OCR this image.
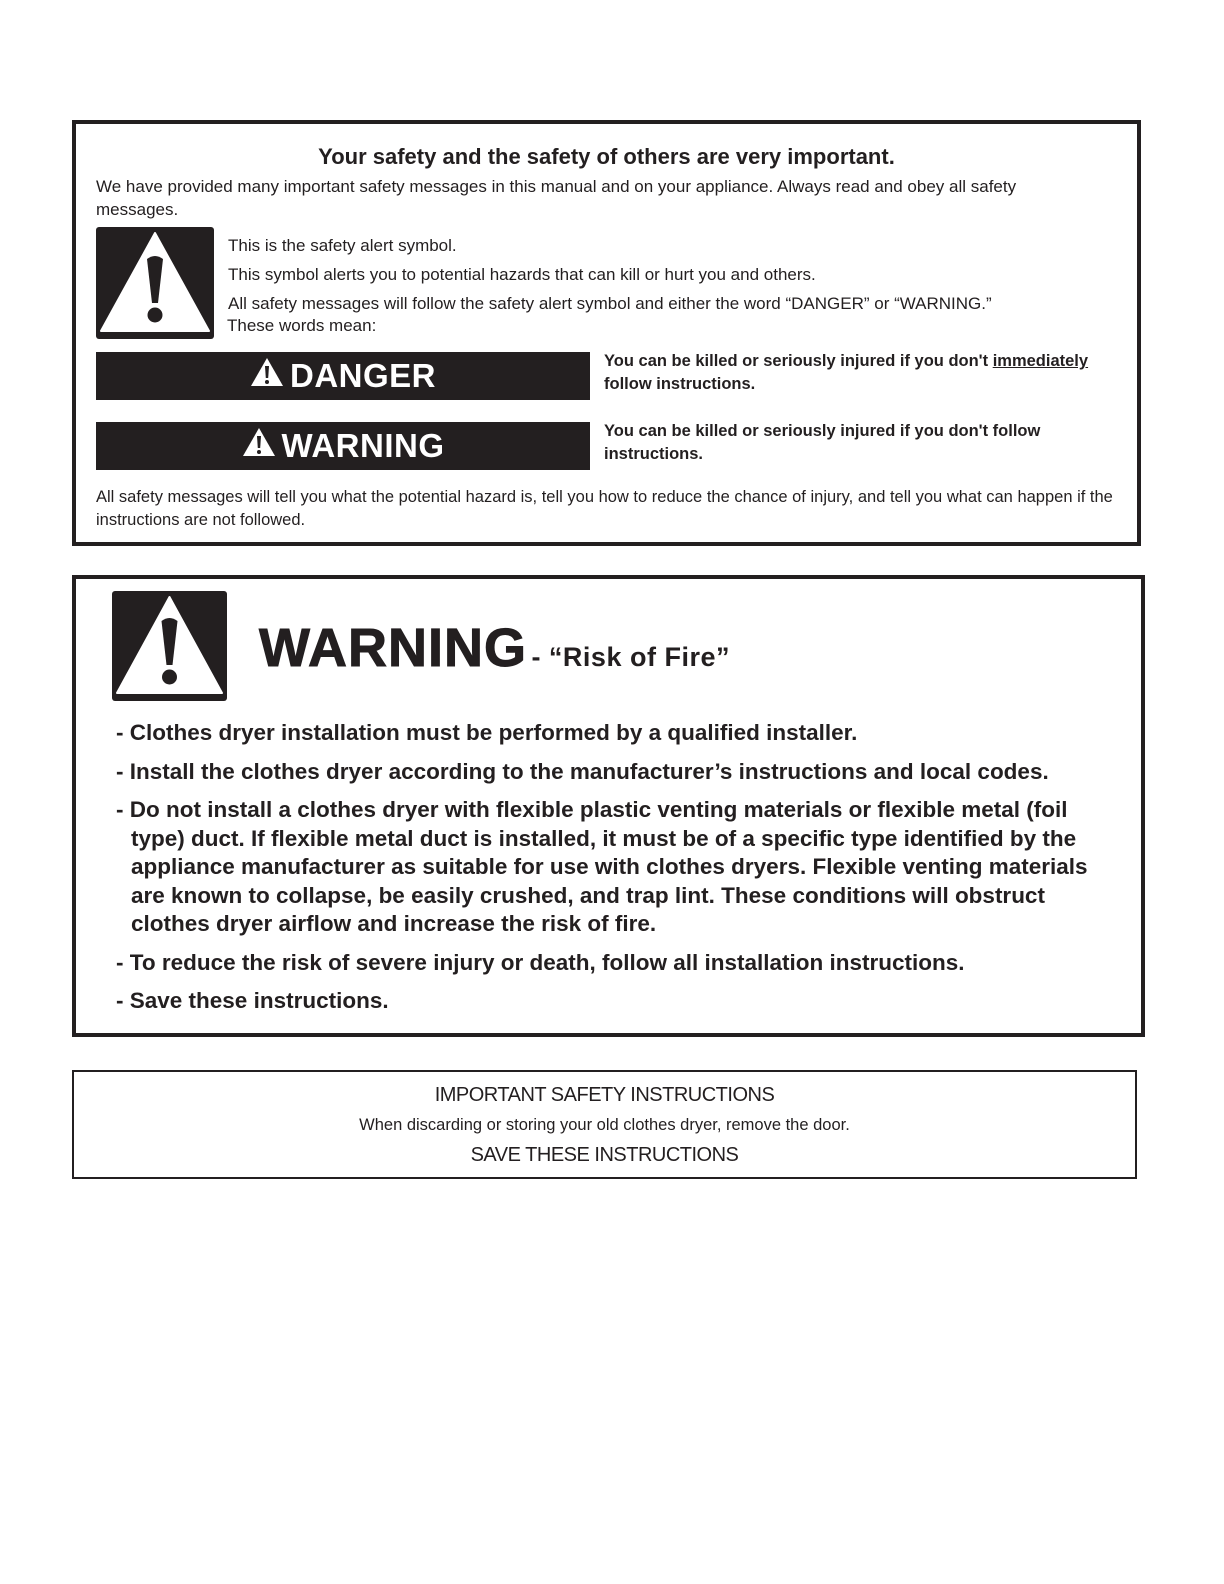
Your safety and the safety of others are very important.

We have provided many important safety messages in this manual and on your appliance. Always read and obey all safety messages.

This is the safety alert symbol.
This symbol alerts you to potential hazards that can kill or hurt you and others.
All safety messages will follow the safety alert symbol and either the word “DANGER” or “WARNING.”
These words mean:
DANGER	You can be killed or seriously injured if you don't immediately follow instructions.
WARNING	You can be killed or seriously injured if you don't follow instructions.

All safety messages will tell you what the potential hazard is, tell you how to reduce the chance of injury, and tell you what can happen if the instructions are not followed.

WARNING - “Risk of Fire”
- Clothes dryer installation must be performed by a qualified installer.
- Install the clothes dryer according to the manufacturer’s instructions and local codes.
- Do not install a clothes dryer with flexible plastic venting materials or flexible metal (foil type) duct. If flexible metal duct is installed, it must be of a specific type identified by the appliance manufacturer as suitable for use with clothes dryers. Flexible venting materials are known to collapse, be easily crushed, and trap lint. These conditions will obstruct clothes dryer airflow and increase the risk of fire.
- To reduce the risk of severe injury or death, follow all installation instructions.
- Save these instructions.

IMPORTANT SAFETY INSTRUCTIONS

When discarding or storing your old clothes dryer, remove the door.

SAVE THESE INSTRUCTIONS
